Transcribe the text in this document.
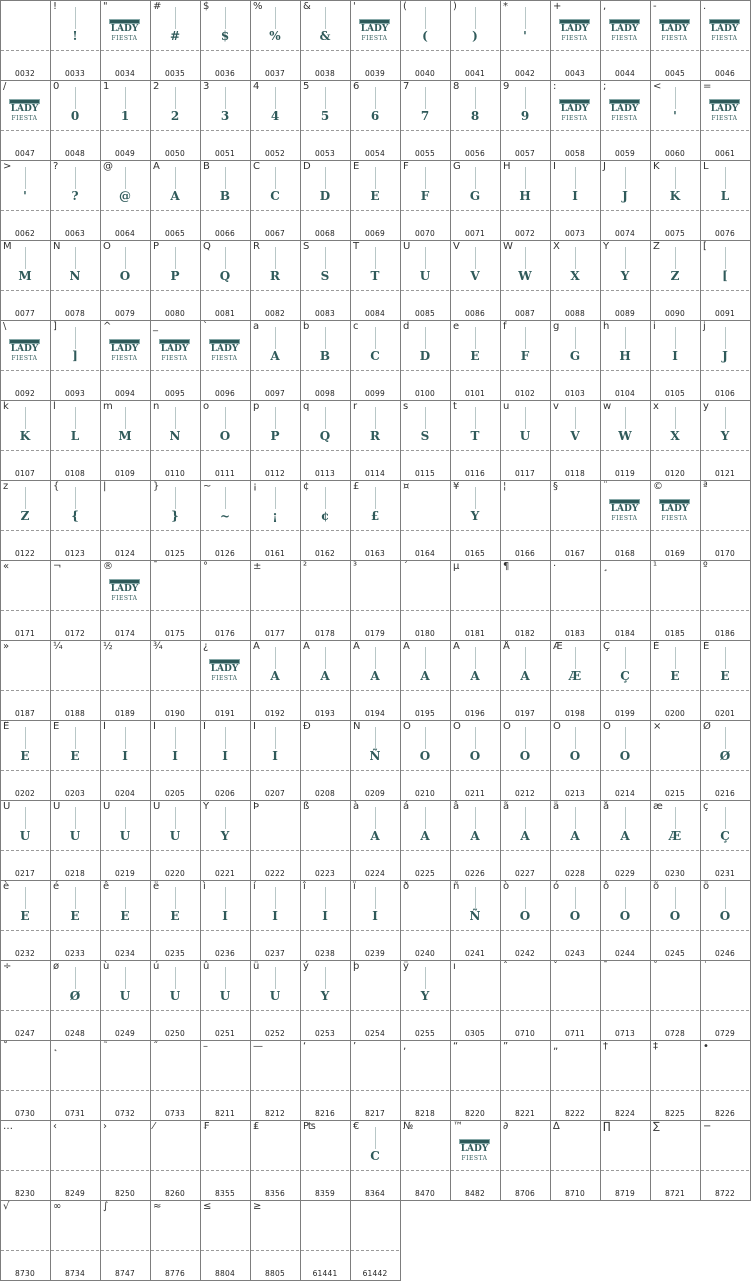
0032
!
!
0033
"
LADY
FIESTA
0034
#
#
0035
$
$
0036
%
%
0037
&
&
0038
'
LADY
FIESTA
0039
(
(
0040
)
)
0041
*
'
0042
+
LADY
FIESTA
0043
,
LADY
FIESTA
0044
-
LADY
FIESTA
0045
.
LADY
FIESTA
0046
/
LADY
FIESTA
0047
0
0
0048
1
1
0049
2
2
0050
3
3
0051
4
4
0052
5
5
0053
6
6
0054
7
7
0055
8
8
0056
9
9
0057
:
LADY
FIESTA
0058
;
LADY
FIESTA
0059
<
'
0060
=
LADY
FIESTA
0061
>
'
0062
?
?
0063
@
@
0064
A
A
0065
B
B
0066
C
C
0067
D
D
0068
E
E
0069
F
F
0070
G
G
0071
H
H
0072
I
I
0073
J
J
0074
K
K
0075
L
L
0076
M
M
0077
N
N
0078
O
O
0079
P
P
0080
Q
Q
0081
R
R
0082
S
S
0083
T
T
0084
U
U
0085
V
V
0086
W
W
0087
X
X
0088
Y
Y
0089
Z
Z
0090
[
[
0091
\
LADY
FIESTA
0092
]
]
0093
^
LADY
FIESTA
0094
_
LADY
FIESTA
0095
`
LADY
FIESTA
0096
a
A
0097
b
B
0098
c
C
0099
d
D
0100
e
E
0101
f
F
0102
g
G
0103
h
H
0104
i
I
0105
j
J
0106
k
K
0107
l
L
0108
m
M
0109
n
N
0110
o
O
0111
p
P
0112
q
Q
0113
r
R
0114
s
S
0115
t
T
0116
u
U
0117
v
V
0118
w
W
0119
x
X
0120
y
Y
0121
z
Z
0122
{
{
0123
|
0124
}
}
0125
~
~
0126
¡
¡
0161
¢
¢
0162
£
£
0163
¤
0164
¥
Y
0165
¦
0166
§
0167
¨
LADY
FIESTA
0168
©
LADY
FIESTA
0169
ª
0170
«
0171
¬
0172
®
LADY
FIESTA
0174
¯
0175
°
0176
±
0177
²
0178
³
0179
´
0180
µ
0181
¶
0182
·
0183
¸
0184
¹
0185
º
0186
»
0187
¼
0188
½
0189
¾
0190
¿
LADY
FIESTA
0191
À
A
0192
Á
A
0193
Â
A
0194
Ã
A
0195
Ä
A
0196
Å
A
0197
Æ
Æ
0198
Ç
Ç
0199
È
E
0200
É
E
0201
Ê
E
0202
Ë
E
0203
Ì
I
0204
Í
I
0205
Î
I
0206
Ï
I
0207
Ð
0208
Ñ
Ñ
0209
Ò
O
0210
Ó
O
0211
Ô
O
0212
Õ
O
0213
Ö
O
0214
×
0215
Ø
Ø
0216
Ù
U
0217
Ú
U
0218
Û
U
0219
Ü
U
0220
Ý
Y
0221
Þ
0222
ß
0223
à
A
0224
á
A
0225
â
A
0226
ã
A
0227
ä
A
0228
å
A
0229
æ
Æ
0230
ç
Ç
0231
è
E
0232
é
E
0233
ê
E
0234
ë
E
0235
ì
I
0236
í
I
0237
î
I
0238
ï
I
0239
ð
0240
ñ
Ñ
0241
ò
O
0242
ó
O
0243
ô
O
0244
õ
O
0245
ö
O
0246
÷
0247
ø
Ø
0248
ù
U
0249
ú
U
0250
û
U
0251
ü
U
0252
ý
Y
0253
þ
0254
ÿ
Y
0255
ı
0305
ˆ
0710
ˇ
0711
ˉ
0713
˘
0728
˙
0729
˚
0730
˛
0731
˜
0732
˝
0733
–
8211
—
8212
‘
8216
’
8217
‚
8218
“
8220
”
8221
„
8222
†
8224
‡
8225
•
8226
…
8230
‹
8249
›
8250
⁄
8260
₣
8355
₤
8356
₧
8359
€
C
8364
№
8470
™
LADY
FIESTA
8482
∂
8706
∆
8710
∏
8719
∑
8721
−
8722
√
8730
∞
8734
∫
8747
≈
8776
≤
8804
≥
8805	61441	61442
